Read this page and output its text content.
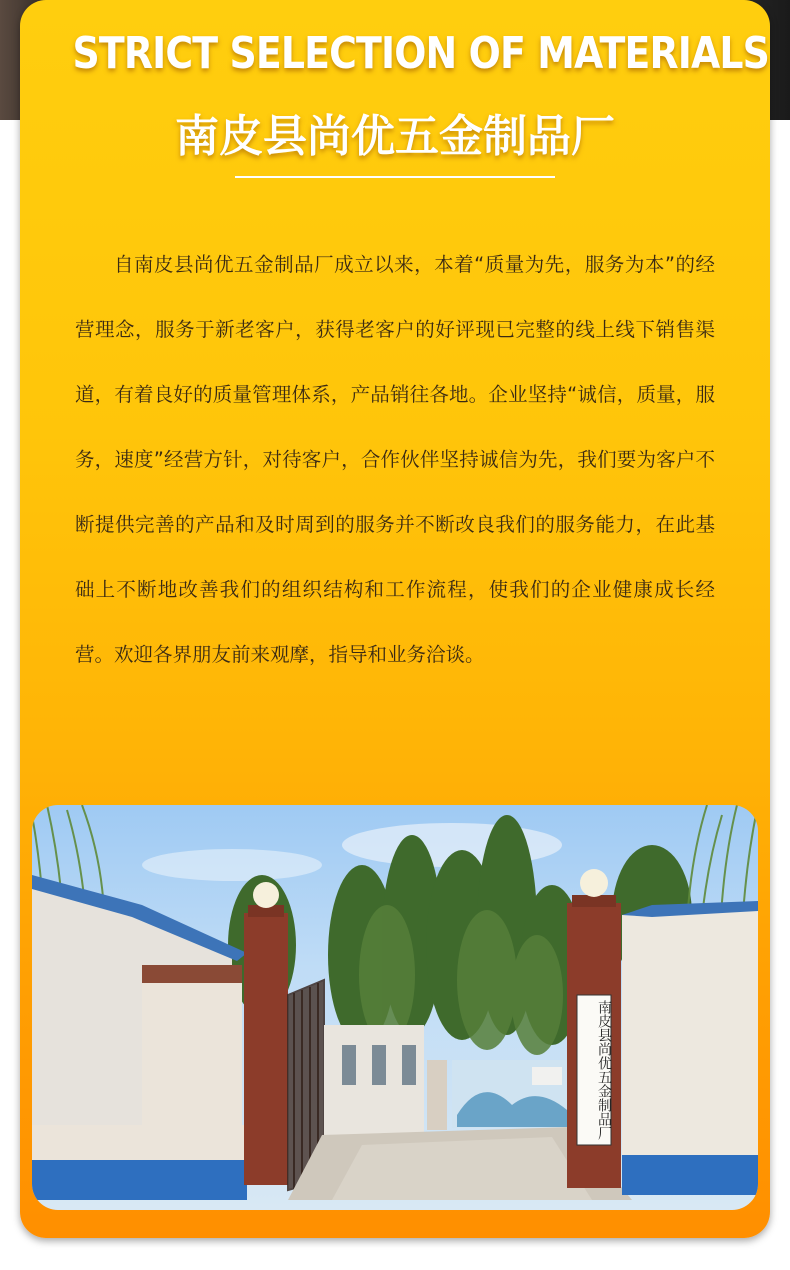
STRICT SELECTION OF MATERIALS
南皮县尚优五金制品厂

自南皮县尚优五金制品厂成立以来，本着“质量为先，服务为本”的经营理念，服务于新老客户，获得老客户的好评现已完整的线上线下销售渠道，有着良好的质量管理体系，产品销往各地。企业坚持“诚信，质量，服务，速度”经营方针，对待客户，合作伙伴坚持诚信为先，我们要为客户不断提供完善的产品和及时周到的服务并不断改良我们的服务能力，在此基础上不断地改善我们的组织结构和工作流程，使我们的企业健康成长经营。欢迎各界朋友前来观摩，指导和业务洽谈。

南皮县尚优五金制品厂
